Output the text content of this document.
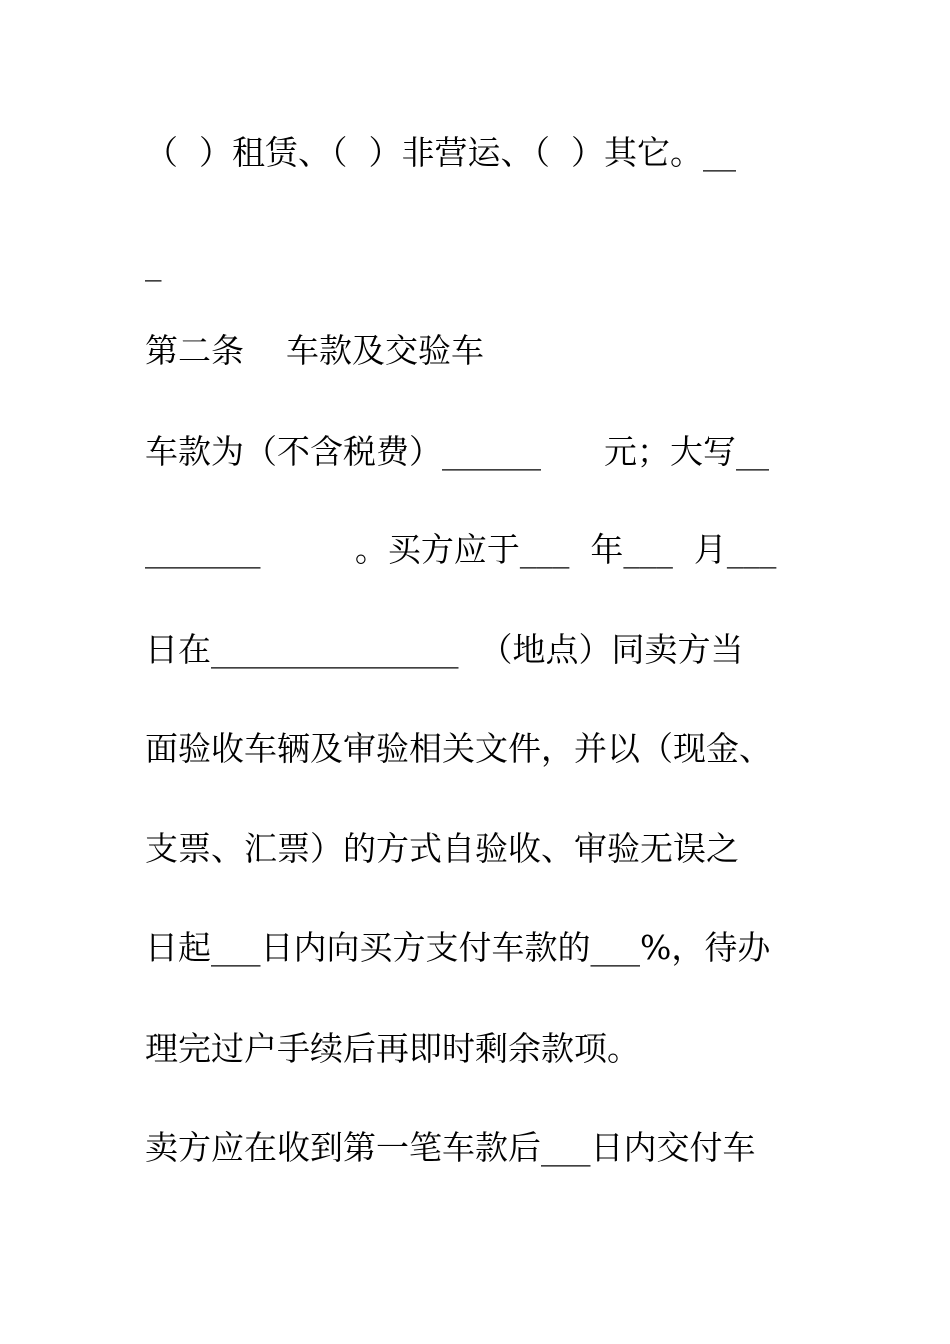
（  ）租赁、（  ）非营运、（  ）其它。__
_
第二条    车款及交验车
车款为（不含税费）______      元；大写__
_______         。买方应于___  年___  月___
日在_______________  （地点）同卖方当
面验收车辆及审验相关文件，并以（现金、
支票、汇票）的方式自验收、审验无误之
日起___日内向买方支付车款的___%，待办
理完过户手续后再即时剩余款项。
卖方应在收到第一笔车款后___日内交付车
